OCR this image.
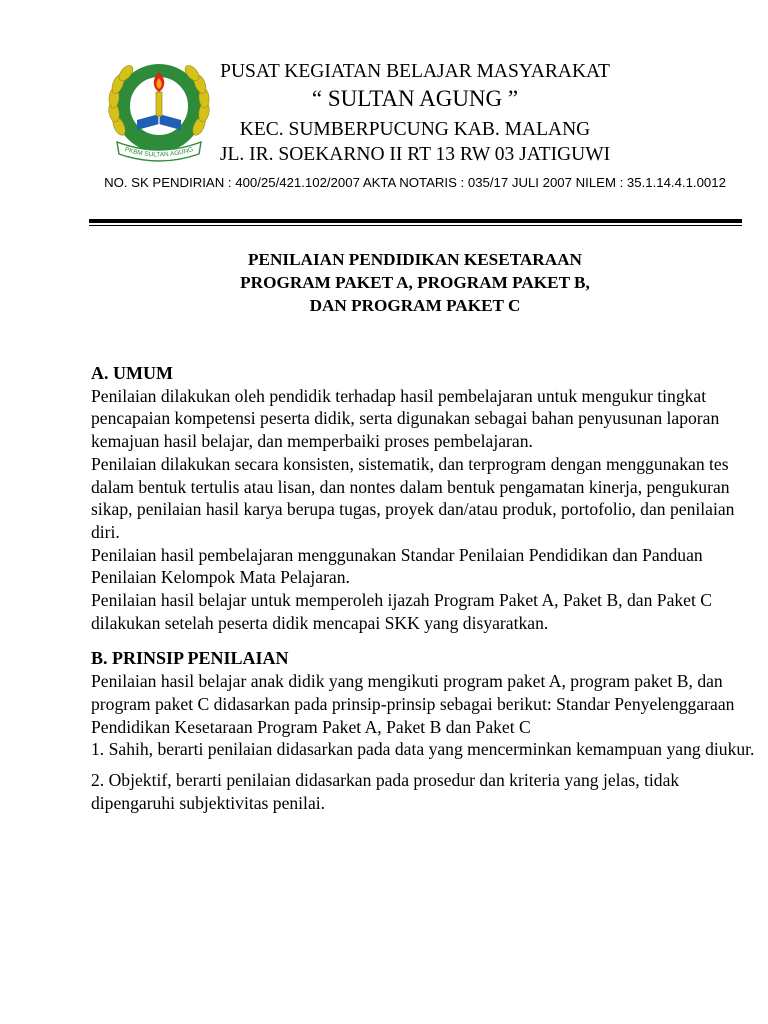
PKBM SULTAN AGUNG
PUSAT KEGIATAN BELAJAR MASYARAKAT
“ SULTAN AGUNG ”
KEC. SUMBERPUCUNG KAB. MALANG
JL. IR. SOEKARNO II RT 13 RW 03 JATIGUWI
NO. SK PENDIRIAN : 400/25/421.102/2007 AKTA NOTARIS : 035/17 JULI 2007 NILEM : 35.1.14.4.1.0012
PENILAIAN PENDIDIKAN KESETARAAN
PROGRAM PAKET A, PROGRAM PAKET B,
DAN PROGRAM PAKET C
A. UMUM

Penilaian dilakukan oleh pendidik terhadap hasil pembelajaran untuk mengukur tingkat pencapaian kompetensi peserta didik, serta digunakan sebagai bahan penyusunan laporan kemajuan hasil belajar, dan memperbaiki proses pembelajaran.

Penilaian dilakukan secara konsisten, sistematik, dan terprogram dengan menggunakan tes dalam bentuk tertulis atau lisan, dan nontes dalam bentuk pengamatan kinerja, pengukuran sikap, penilaian hasil karya berupa tugas, proyek dan/atau produk, portofolio, dan penilaian diri.

Penilaian hasil pembelajaran menggunakan Standar Penilaian Pendidikan dan Panduan Penilaian Kelompok Mata Pelajaran.

Penilaian hasil belajar untuk memperoleh ijazah Program Paket A, Paket B, dan Paket C dilakukan setelah peserta didik mencapai SKK yang disyaratkan.

B. PRINSIP PENILAIAN

Penilaian hasil belajar anak didik yang mengikuti program paket A, program paket B, dan program paket C didasarkan pada prinsip-prinsip sebagai berikut: Standar Penyelenggaraan Pendidikan Kesetaraan Program Paket A, Paket B dan Paket C

1. Sahih, berarti penilaian didasarkan pada data yang mencerminkan kemampuan yang diukur.

2. Objektif, berarti penilaian didasarkan pada prosedur dan kriteria yang jelas, tidak dipengaruhi subjektivitas penilai.
